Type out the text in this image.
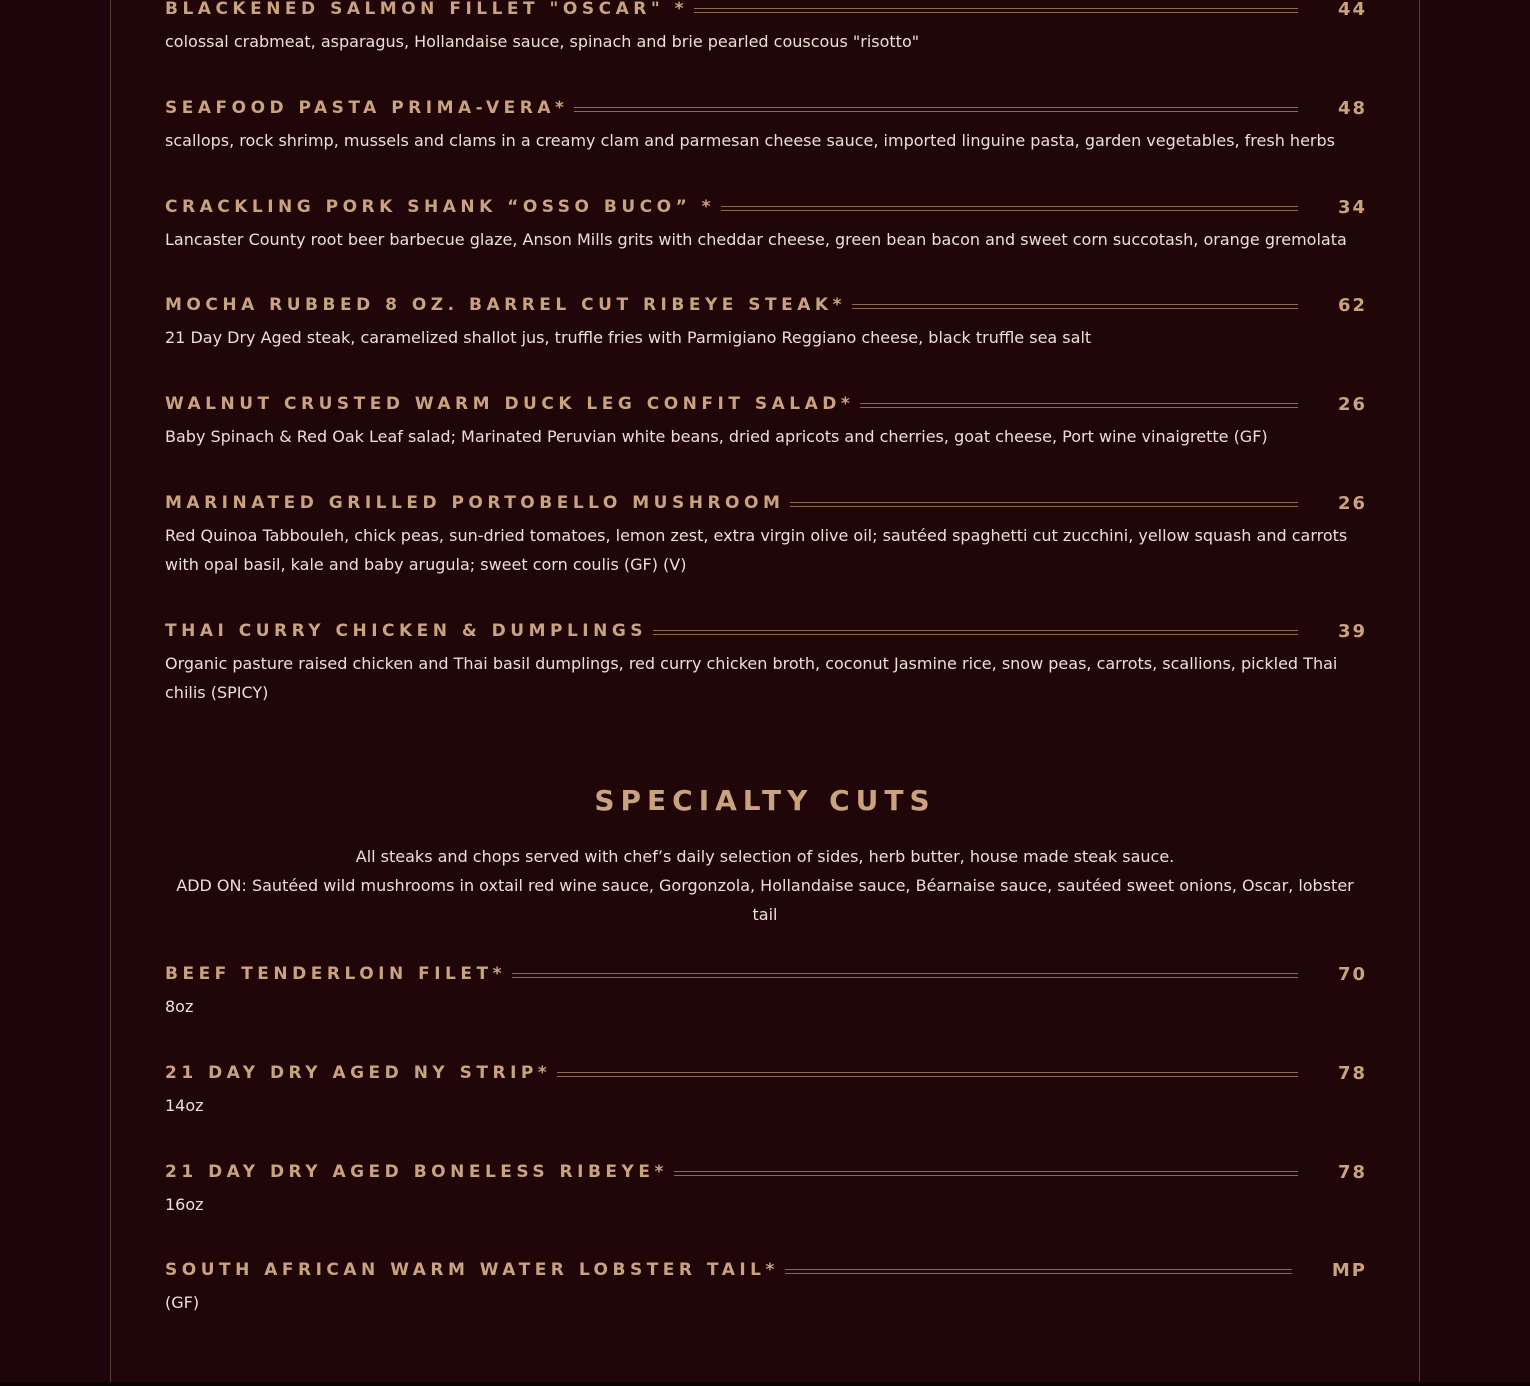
BLACKENED SALMON FILLET "OSCAR" *	44
colossal crabmeat, asparagus, Hollandaise sauce, spinach and brie pearled couscous "risotto"
SEAFOOD PASTA PRIMA-VERA*	48
scallops, rock shrimp, mussels and clams in a creamy clam and parmesan cheese sauce, imported linguine pasta, garden vegetables, fresh herbs
CRACKLING PORK SHANK “OSSO BUCO” *	34
Lancaster County root beer barbecue glaze, Anson Mills grits with cheddar cheese, green bean bacon and sweet corn succotash, orange gremolata
MOCHA RUBBED 8 OZ. BARREL CUT RIBEYE STEAK*	62
21 Day Dry Aged steak, caramelized shallot jus, truffle fries with Parmigiano Reggiano cheese, black truffle sea salt
WALNUT CRUSTED WARM DUCK LEG CONFIT SALAD*	26
Baby Spinach & Red Oak Leaf salad; Marinated Peruvian white beans, dried apricots and cherries, goat cheese, Port wine vinaigrette (GF)
MARINATED GRILLED PORTOBELLO MUSHROOM	26
Red Quinoa Tabbouleh, chick peas, sun-dried tomatoes, lemon zest, extra virgin olive oil; sautéed spaghetti cut zucchini, yellow squash and carrots with opal basil, kale and baby arugula; sweet corn coulis (GF) (V)
THAI CURRY CHICKEN & DUMPLINGS	39
Organic pasture raised chicken and Thai basil dumplings, red curry chicken broth, coconut Jasmine rice, snow peas, carrots, scallions, pickled Thai chilis (SPICY)
SPECIALTY CUTS
All steaks and chops served with chef’s daily selection of sides, herb butter, house made steak sauce.
ADD ON: Sautéed wild mushrooms in oxtail red wine sauce, Gorgonzola, Hollandaise sauce, Béarnaise sauce, sautéed sweet onions, Oscar, lobster tail
BEEF TENDERLOIN FILET*	70
8oz
21 DAY DRY AGED NY STRIP*	78
14oz
21 DAY DRY AGED BONELESS RIBEYE*	78
16oz
SOUTH AFRICAN WARM WATER LOBSTER TAIL*	MP
(GF)
